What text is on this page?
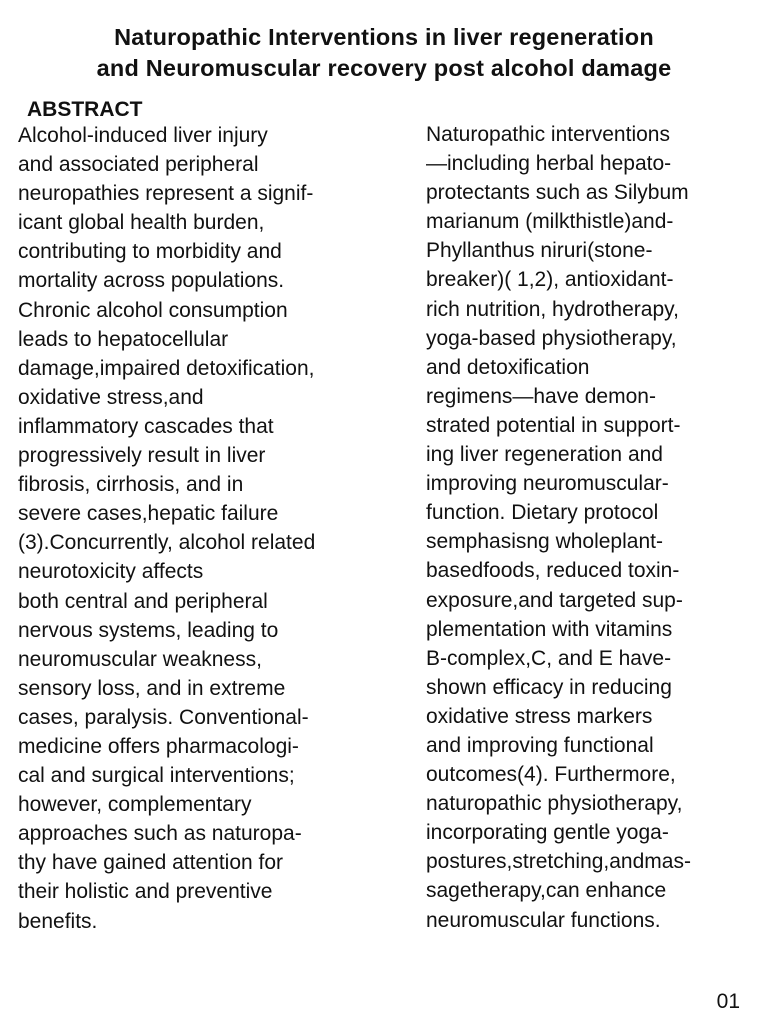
Naturopathic Interventions in liver regeneration
and Neuromuscular recovery post alcohol damage
ABSTRACT

Alcohol-induced liver injury
and associated peripheral
neuropathies represent a signif-
icant global health burden,
contributing to morbidity and
mortality across populations.
Chronic alcohol consumption
leads to hepatocellular
damage,impaired detoxification,
oxidative stress,and
inflammatory cascades that
progressively result in liver
fibrosis, cirrhosis, and in
severe cases,hepatic failure
(3).Concurrently, alcohol related
neurotoxicity affects
both central and peripheral
nervous systems, leading to
neuromuscular weakness,
sensory loss, and in extreme
cases, paralysis. Conventional-
medicine offers pharmacologi-
cal and surgical interventions;
however, complementary
approaches such as naturopa-
thy have gained attention for
their holistic and preventive
benefits.

Naturopathic interventions
—including herbal hepato-
protectants such as Silybum
marianum (milkthistle)and-
Phyllanthus niruri(stone-
breaker)( 1,2), antioxidant-
rich nutrition, hydrotherapy,
yoga-based physiotherapy,
and detoxification
regimens—have demon-
strated potential in support-
ing liver regeneration and
improving neuromuscular-
function. Dietary protocol
semphasisng wholeplant-
basedfoods, reduced toxin-
exposure,and targeted sup-
plementation with vitamins
B-complex,C, and E have-
shown efficacy in reducing
oxidative stress markers
and improving functional
outcomes(4). Furthermore,
naturopathic physiotherapy,
incorporating gentle yoga-
postures,stretching,andmas-
sagetherapy,can enhance
neuromuscular functions.

01
